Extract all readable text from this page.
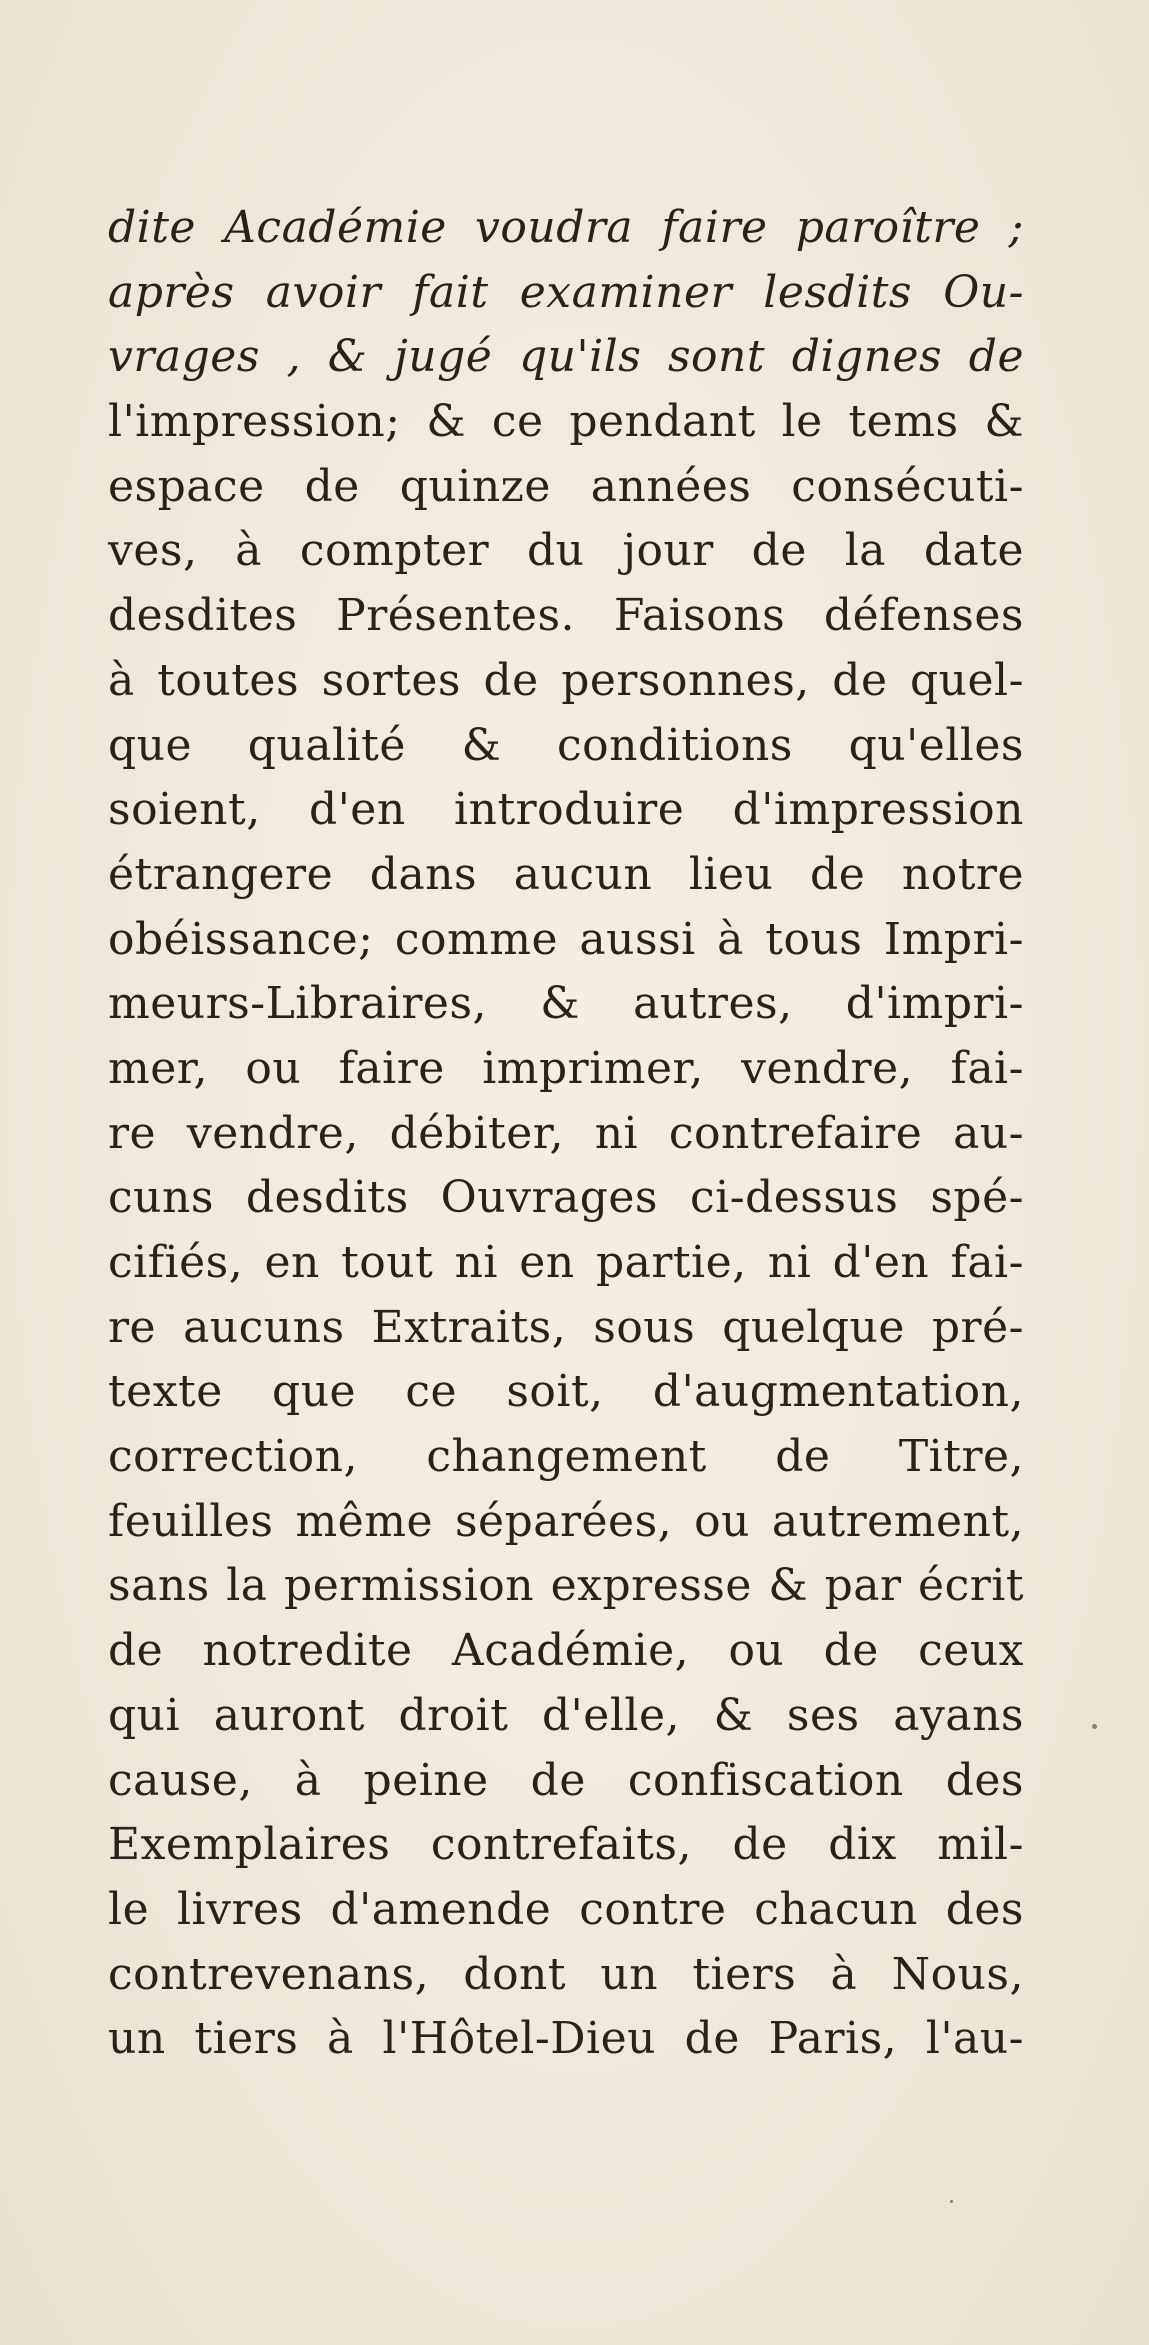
dite Académie voudra faire paroître ;
après avoir fait examiner lesdits Ou-
vrages , & jugé qu'ils sont dignes de
l'impression; & ce pendant le tems &
espace de quinze années consécuti-
ves, à compter du jour de la date
desdites Présentes. Faisons défenses
à toutes sortes de personnes, de quel-
que qualité & conditions qu'elles
soient, d'en introduire d'impression
étrangere dans aucun lieu de notre
obéissance; comme aussi à tous Impri-
meurs-Libraires, & autres, d'impri-
mer, ou faire imprimer, vendre, fai-
re vendre, débiter, ni contrefaire au-
cuns desdits Ouvrages ci-dessus spé-
cifiés, en tout ni en partie, ni d'en fai-
re aucuns Extraits, sous quelque pré-
texte que ce soit, d'augmentation,
correction, changement de Titre,
feuilles même séparées, ou autrement,
sans la permission expresse & par écrit
de notredite Académie, ou de ceux
qui auront droit d'elle, & ses ayans
cause, à peine de confiscation des
Exemplaires contrefaits, de dix mil-
le livres d'amende contre chacun des
contrevenans, dont un tiers à Nous,
un tiers à l'Hôtel-Dieu de Paris, l'au-
